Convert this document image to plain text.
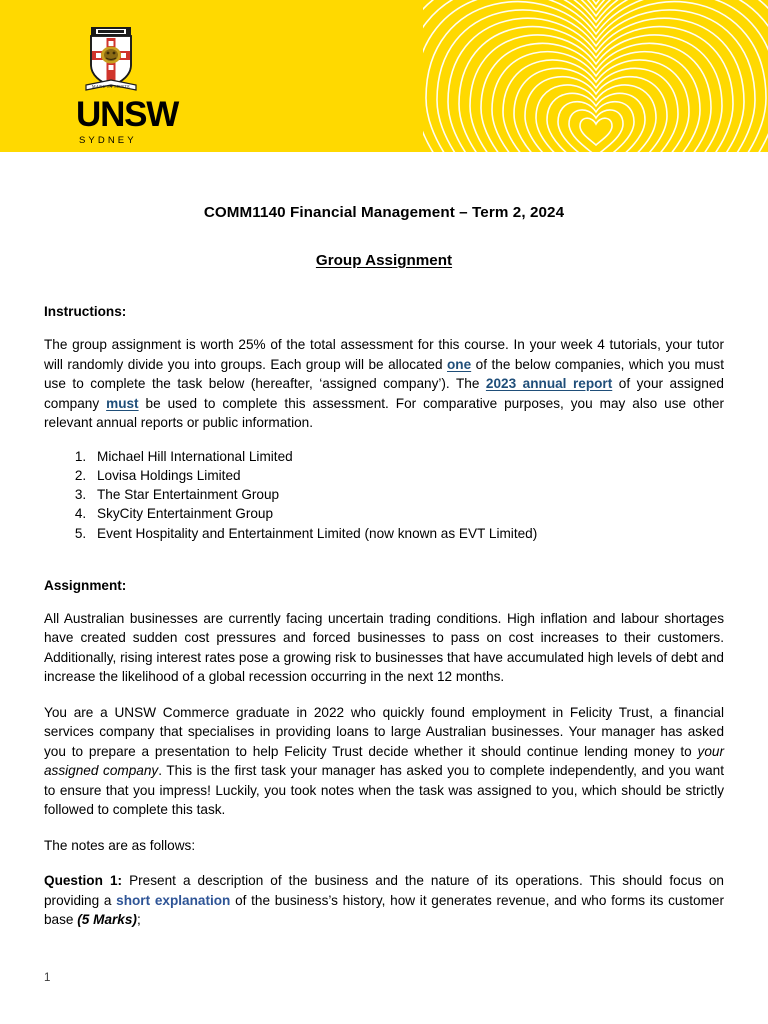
MANU ET MENTE
UNSW
SYDNEY
COMM1140 Financial Management – Term 2, 2024
Group Assignment
Instructions:

The group assignment is worth 25% of the total assessment for this course. In your week 4 tutorials, your tutor will randomly divide you into groups. Each group will be allocated one of the below companies, which you must use to complete the task below (hereafter, ‘assigned company’). The 2023 annual report of your assigned company must be used to complete this assessment. For comparative purposes, you may also use other relevant annual reports or public information.

1. Michael Hill International Limited
2. Lovisa Holdings Limited
3. The Star Entertainment Group
4. SkyCity Entertainment Group
5. Event Hospitality and Entertainment Limited (now known as EVT Limited)
Assignment:

All Australian businesses are currently facing uncertain trading conditions. High inflation and labour shortages have created sudden cost pressures and forced businesses to pass on cost increases to their customers. Additionally, rising interest rates pose a growing risk to businesses that have accumulated high levels of debt and increase the likelihood of a global recession occurring in the next 12 months.

You are a UNSW Commerce graduate in 2022 who quickly found employment in Felicity Trust, a financial services company that specialises in providing loans to large Australian businesses. Your manager has asked you to prepare a presentation to help Felicity Trust decide whether it should continue lending money to your assigned company. This is the first task your manager has asked you to complete independently, and you want to ensure that you impress! Luckily, you took notes when the task was assigned to you, which should be strictly followed to complete this task.

The notes are as follows:

Question 1: Present a description of the business and the nature of its operations. This should focus on providing a short explanation of the business’s history, how it generates revenue, and who forms its customer base (5 Marks);

1
